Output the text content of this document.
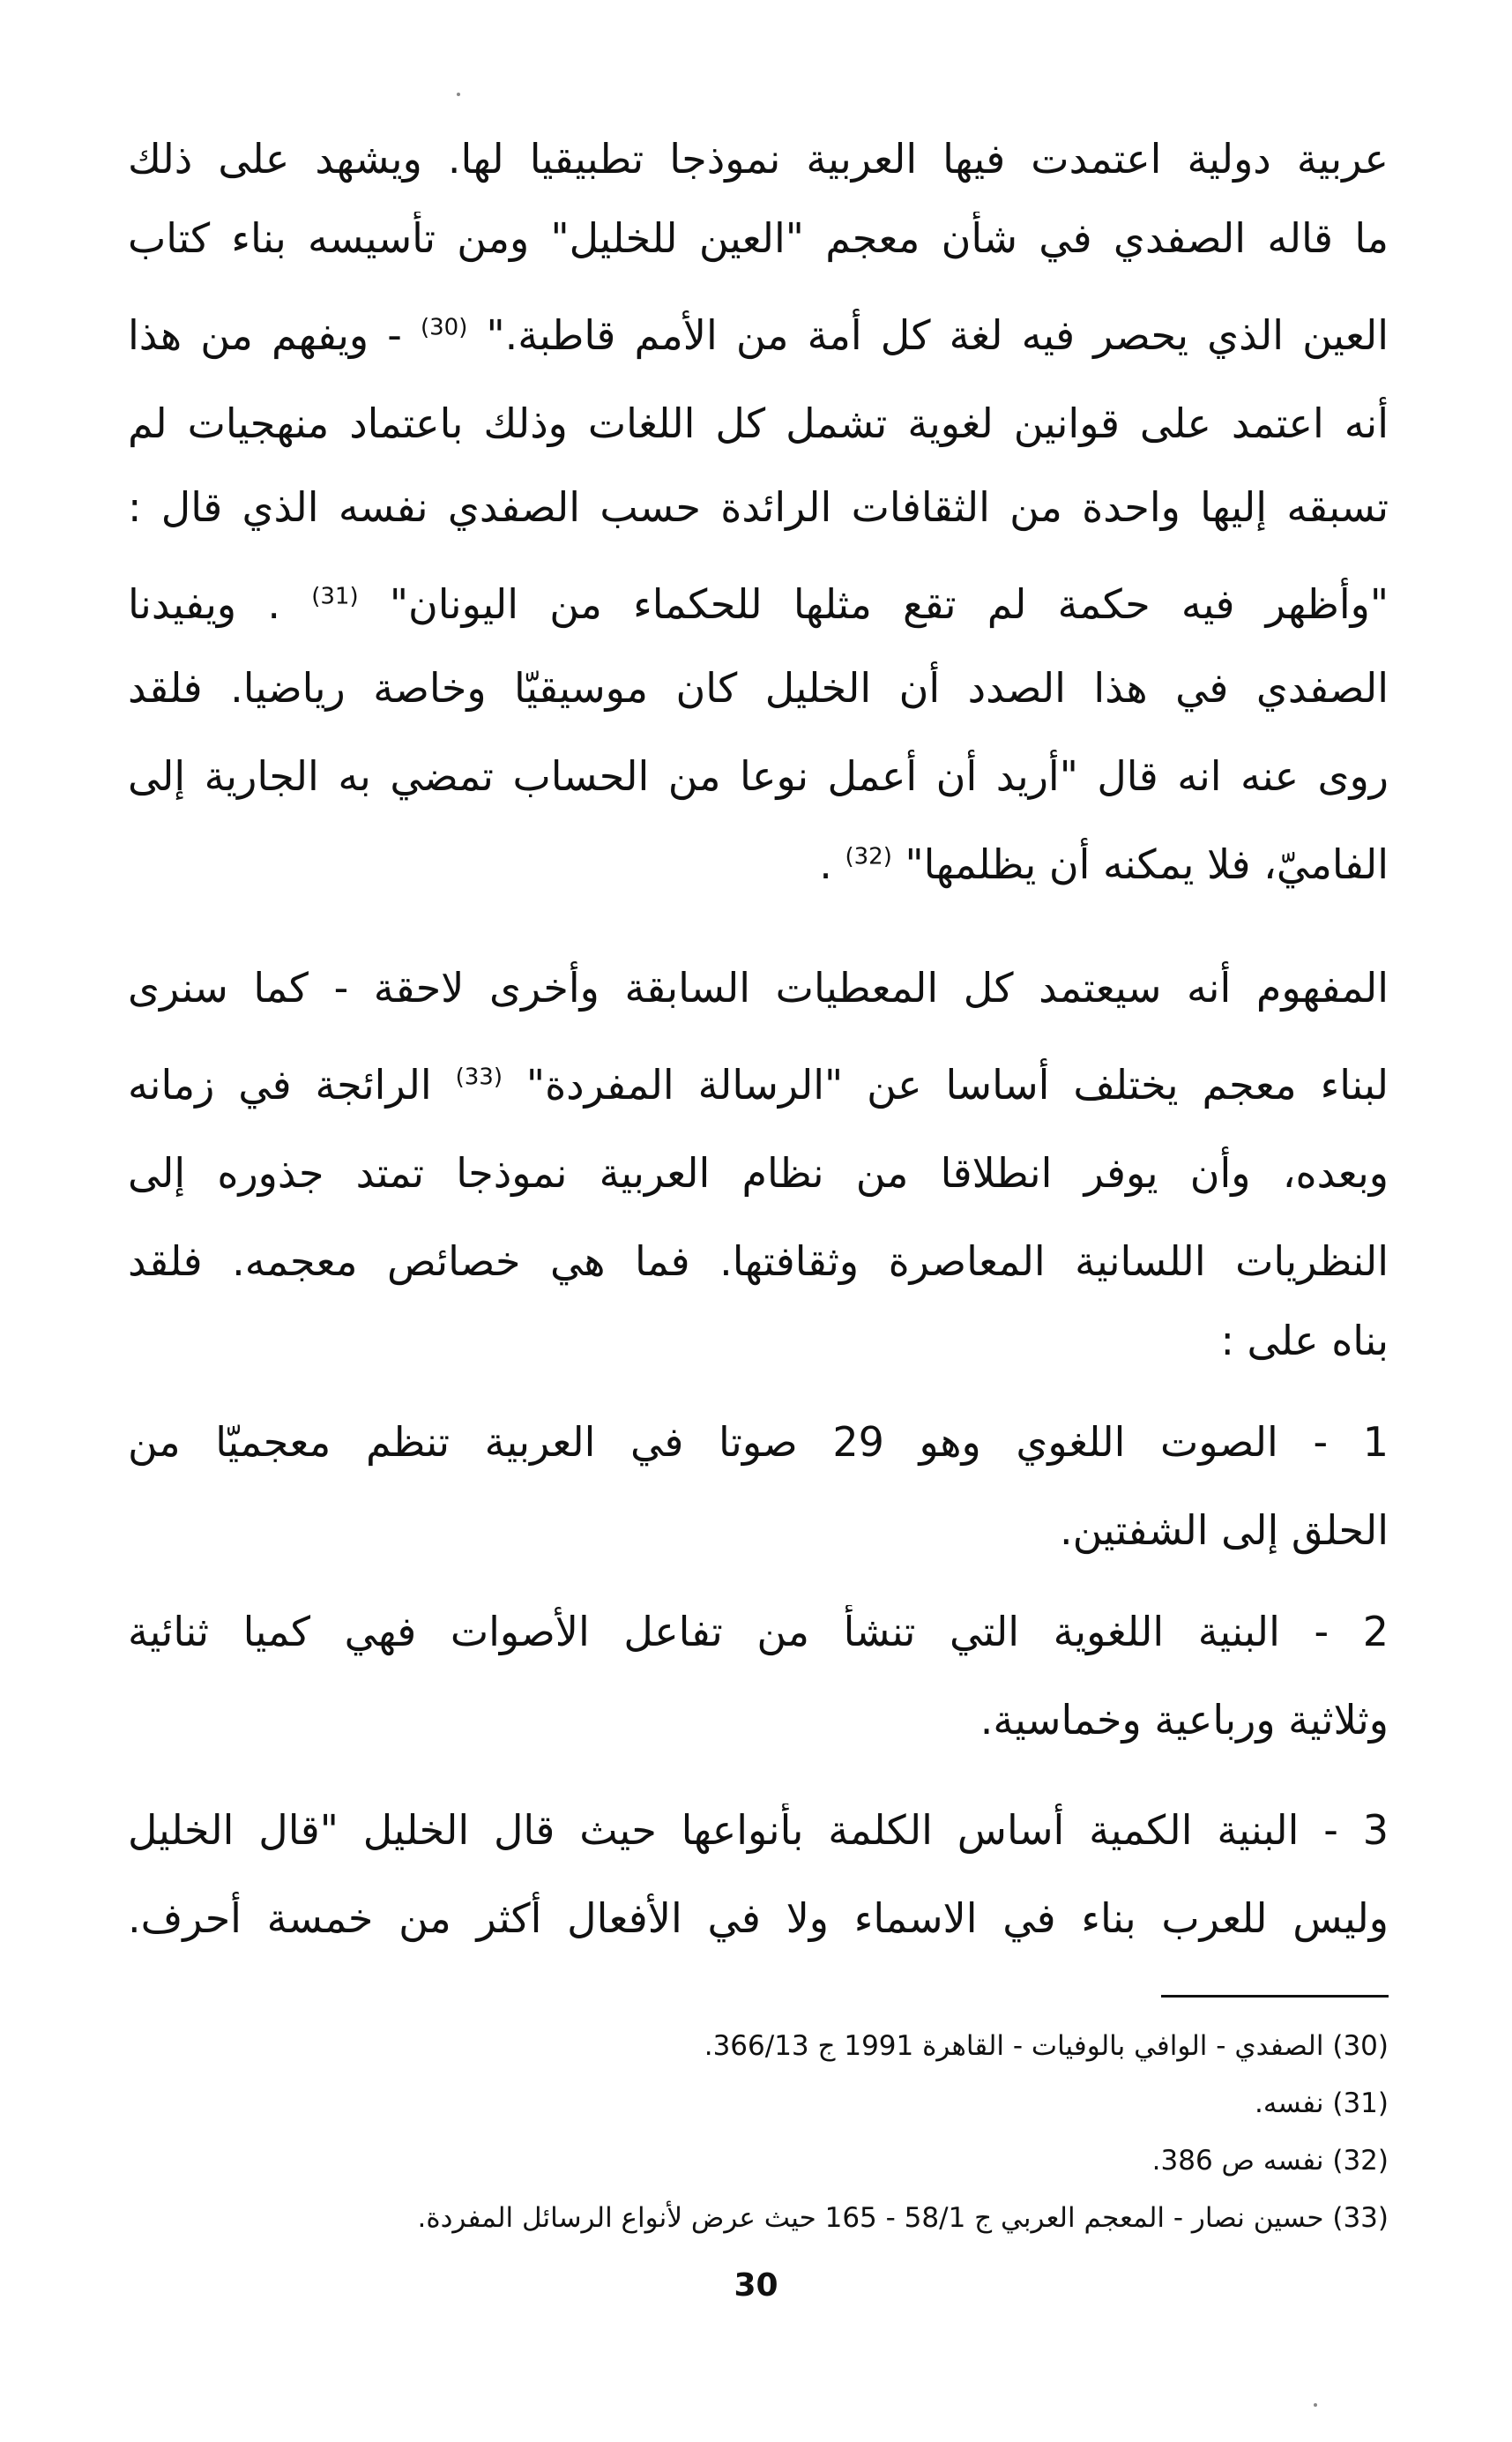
عربية دولية اعتمدت فيها العربية نموذجا تطبيقيا لها. ويشهد على ذلك
ما قاله الصفدي في شأن معجم "العين للخليل" ومن تأسيسه بناء كتاب
العين الذي يحصر فيه لغة كل أمة من الأمم قاطبة." $^{(30)}$ - ويفهم من هذا
أنه اعتمد على قوانين لغوية تشمل كل اللغات وذلك باعتماد منهجيات لم
تسبقه إليها واحدة من الثقافات الرائدة حسب الصفدي نفسه الذي قال :
"وأظهر فيه حكمة لم تقع مثلها للحكماء من اليونان" $^{(31)}$ . ويفيدنا
الصفدي في هذا الصدد أن الخليل كان موسيقيّا وخاصة رياضيا. فلقد
روى عنه انه قال "أريد أن أعمل نوعا من الحساب تمضي به الجارية إلى
الفاميّ، فلا يمكنه أن يظلمها" $^{(32)}$ .
المفهوم أنه سيعتمد كل المعطيات السابقة وأخرى لاحقة - كما سنرى
لبناء معجم يختلف أساسا عن "الرسالة المفردة" $^{(33)}$ الرائجة في زمانه
وبعده، وأن يوفر انطلاقا من نظام العربية نموذجا تمتد جذوره إلى
النظريات اللسانية المعاصرة وثقافتها. فما هي خصائص معجمه. فلقد
بناه على :
1 - الصوت اللغوي وهو 29 صوتا في العربية تنظم معجميّا من
الحلق إلى الشفتين.
2 - البنية اللغوية التي تنشأ من تفاعل الأصوات فهي كميا ثنائية
وثلاثية ورباعية وخماسية.
3 - البنية الكمية أساس الكلمة بأنواعها حيث قال الخليل "قال الخليل
وليس للعرب بناء في الاسماء ولا في الأفعال أكثر من خمسة أحرف.
(30) الصفدي - الوافي بالوفيات - القاهرة 1991 ج 366/13.
(31) نفسه.
(32) نفسه ص 386.
(33) حسين نصار - المعجم العربي ج 58/1 - 165 حيث عرض لأنواع الرسائل المفردة.
30
